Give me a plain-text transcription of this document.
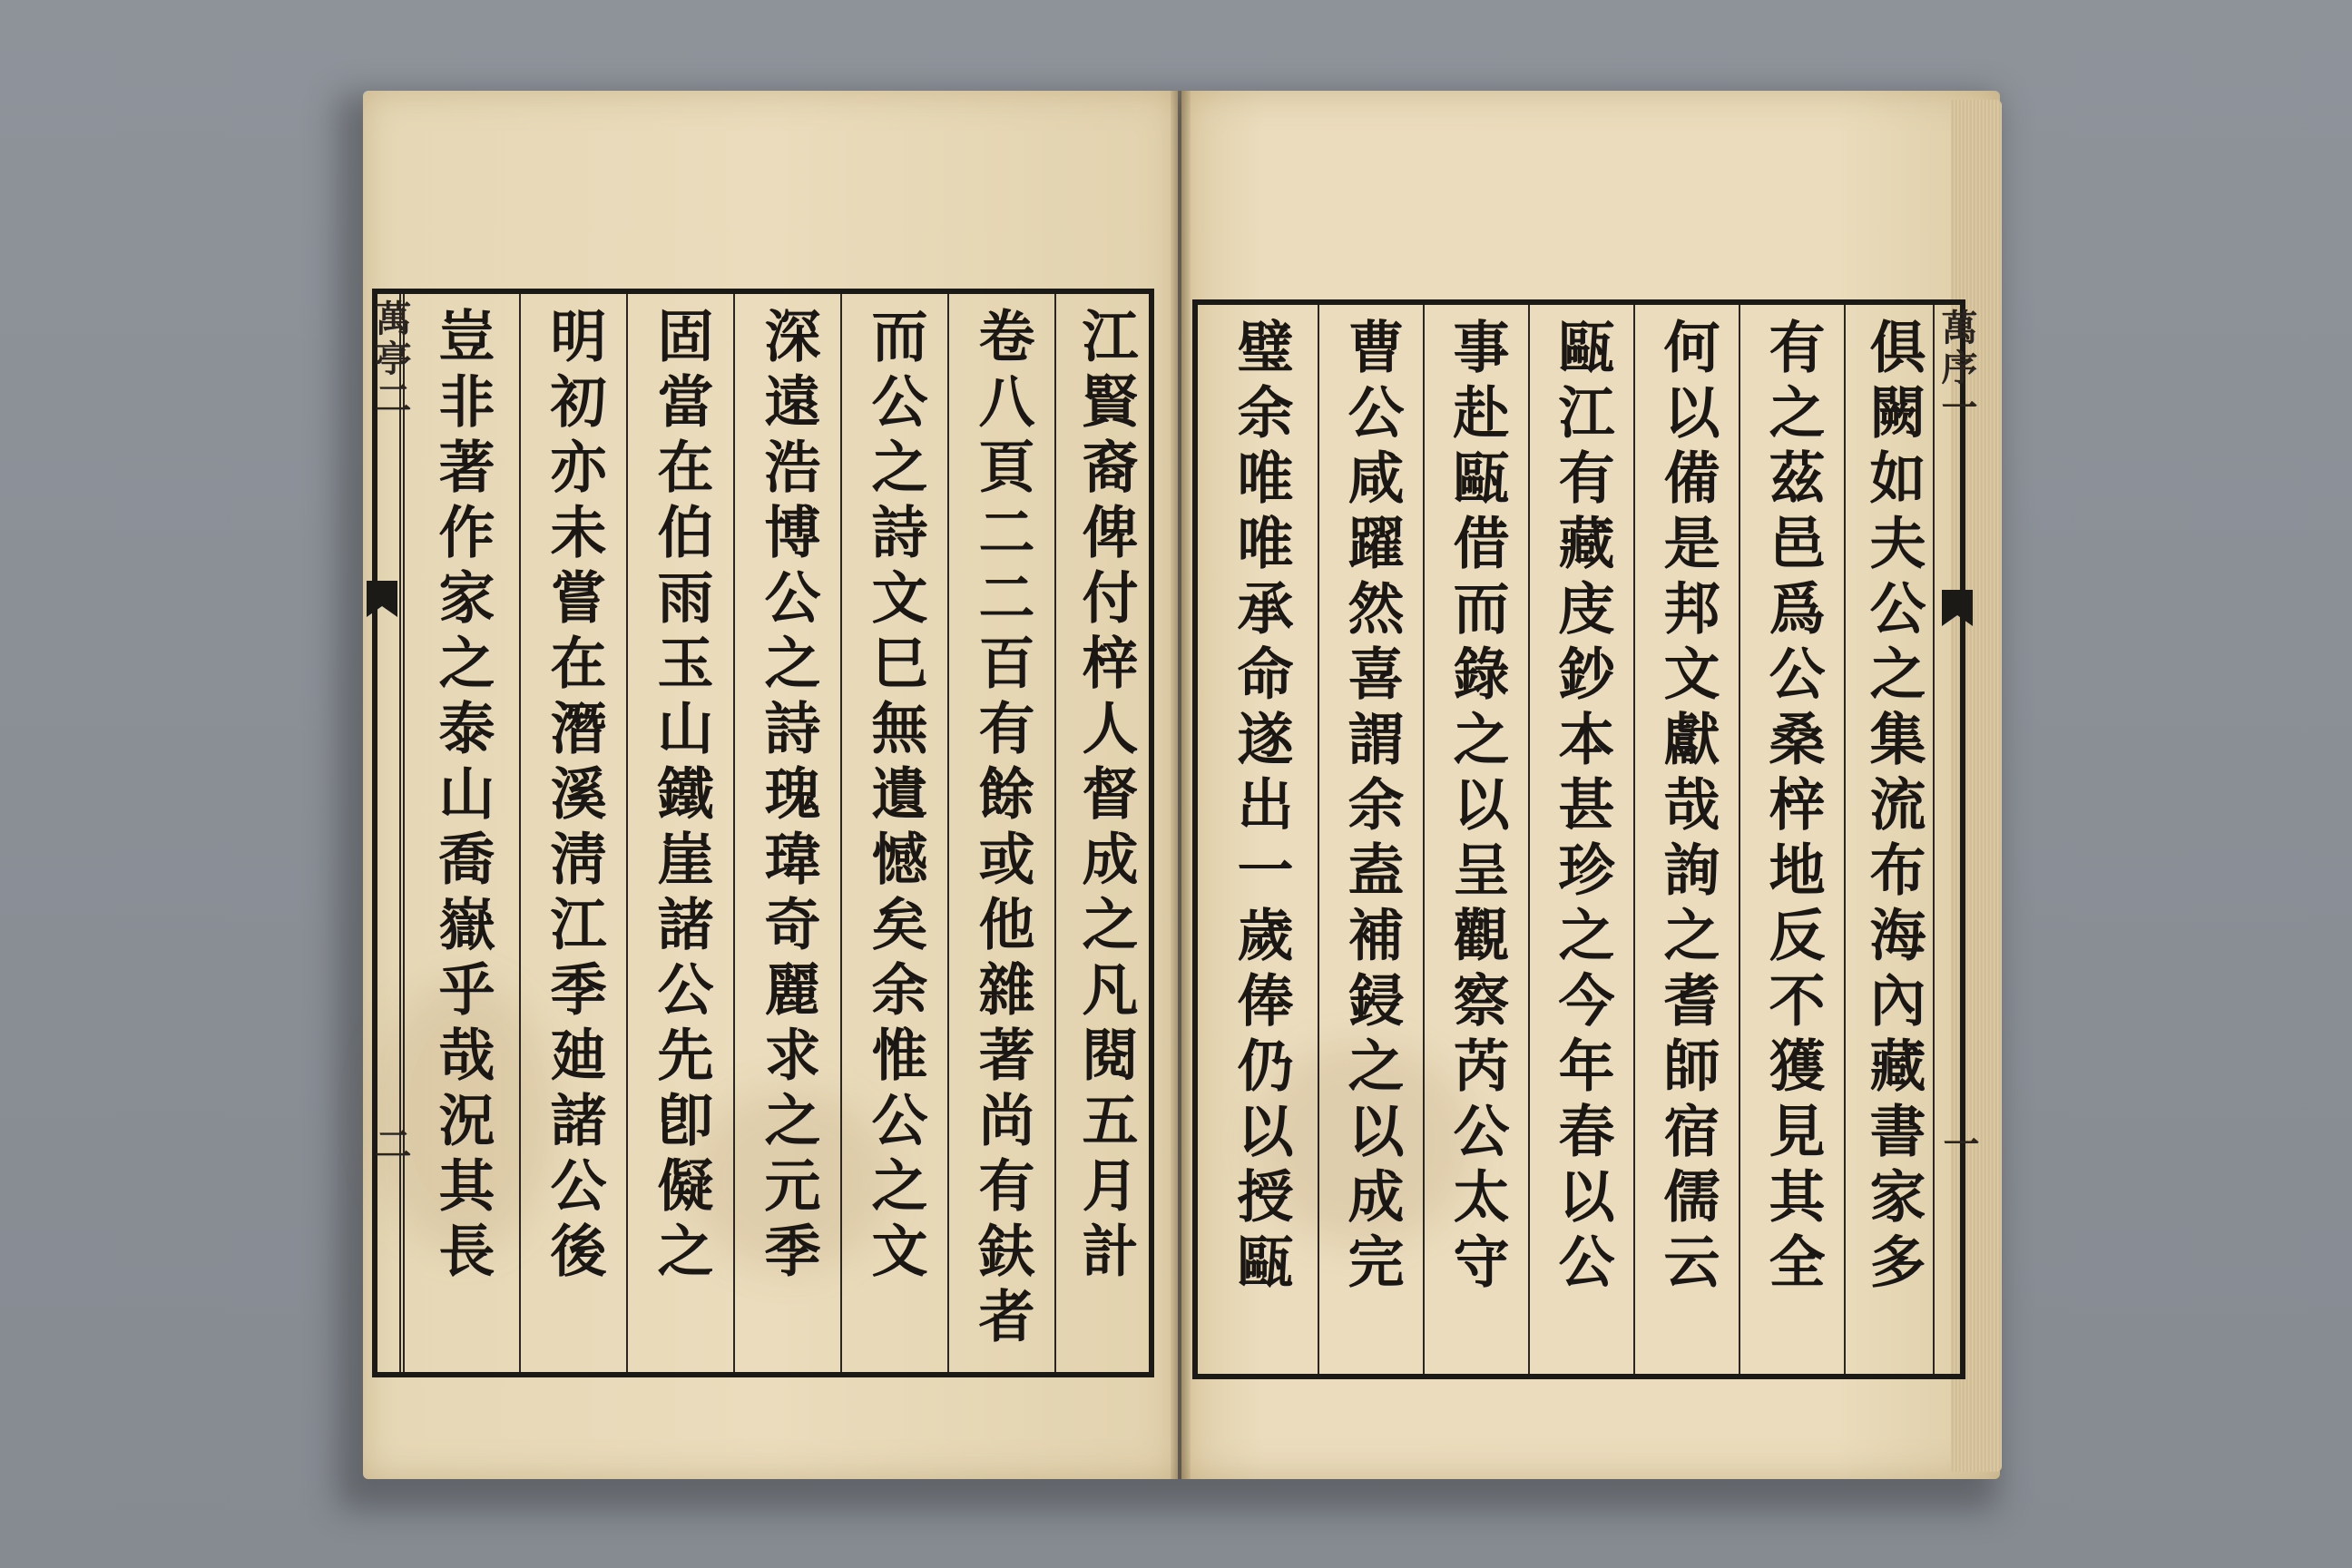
江賢裔俾付梓人督成之凡閱五月計
卷八頁二二百有餘或他雜著尚有鈇者
而公之詩文巳無遺憾矣余惟公之文
深遠浩博公之詩瑰瑋奇麗求之元季
固當在伯雨玉山鐵崖諸公先卽儗之
明初亦未嘗在潛溪淸江季廸諸公後
豈非著作家之泰山喬嶽乎哉況其長
萬亭二
二	俱闕如夫公之集流布海內藏書家多
有之茲邑爲公桑梓地反不獲見其全
何以備是邦文獻哉詢之耆師宿儒云
甌江有藏庋鈔本甚珍之今年春以公
事赴甌借而錄之以呈觀察芮公太守
曹公咸躍然喜謂余盍補鋟之以成完
璧余唯唯承命遂出一歲俸仍以授甌	萬序一
一
